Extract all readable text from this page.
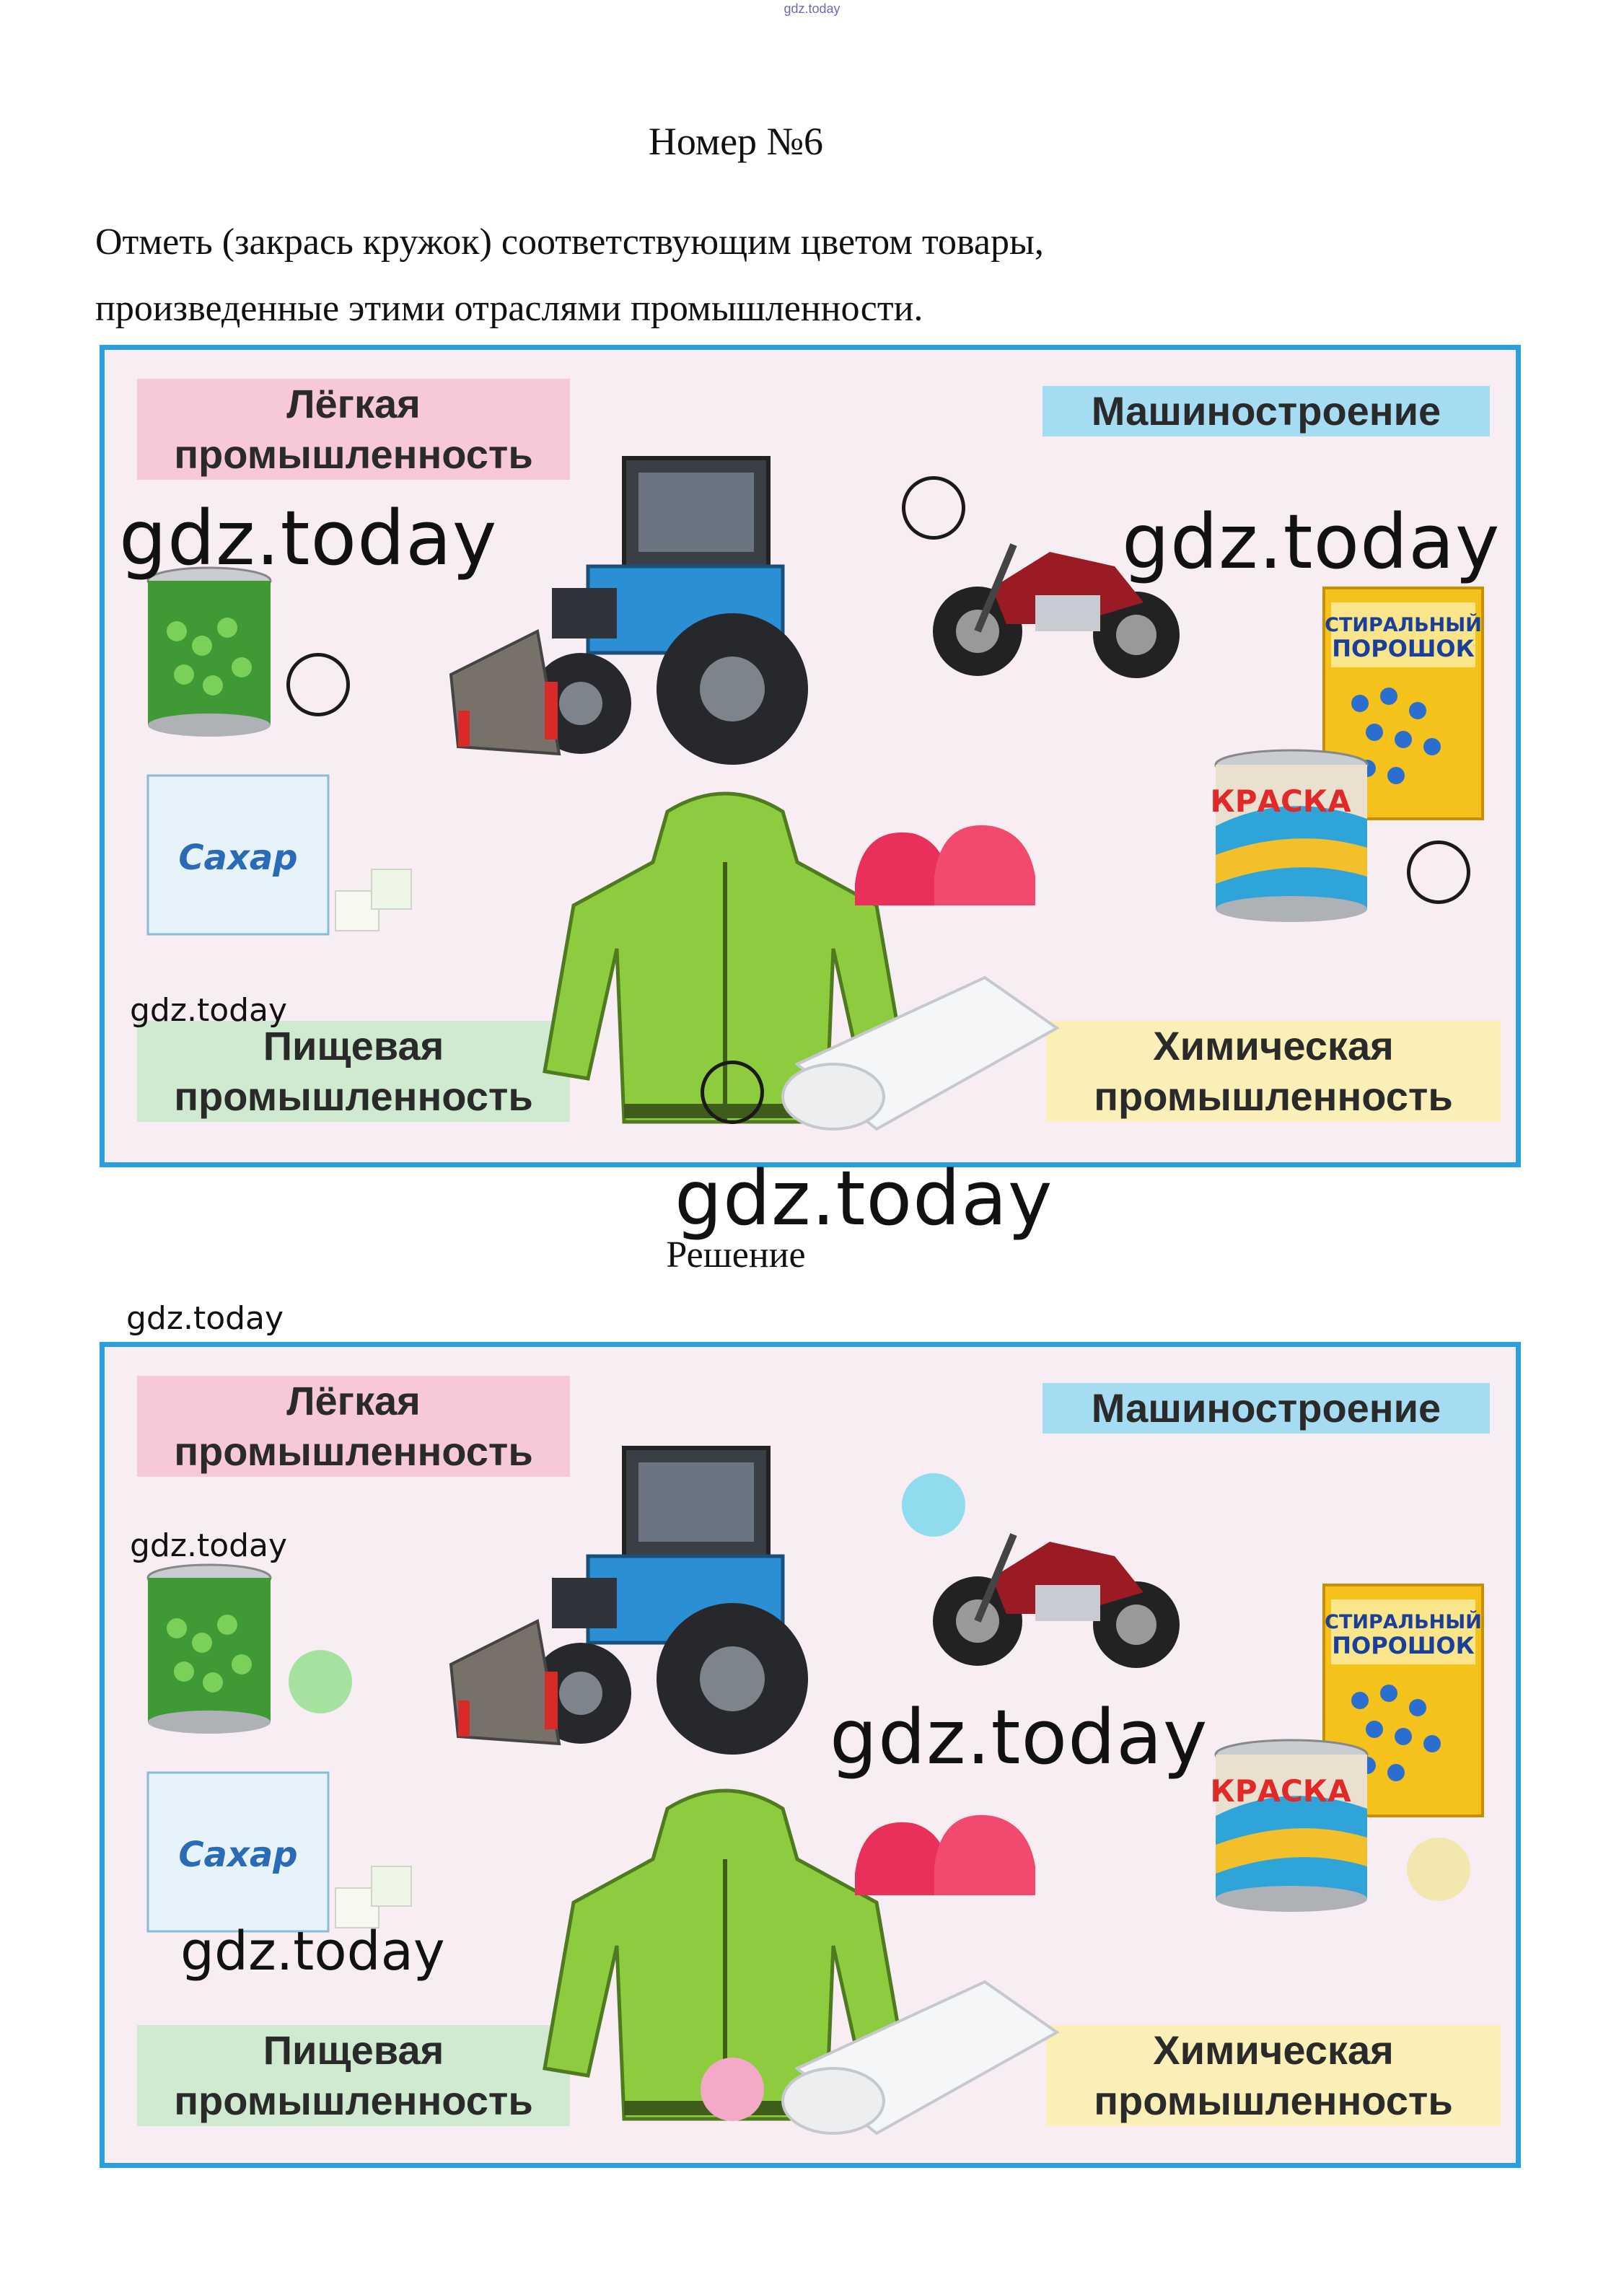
gdz.today
Номер №6
Отметь (закрась кружок) соответствующим цветом товары,
произведенные этими отраслями промышленности.
Лёгкая
промышленность
Машиностроение
Пищевая
промышленность
Химическая
промышленность
Сахар
СТИРАЛЬНЫЙ
ПОРОШОК
КРАСКА
gdz.today	gdz.today
gdz.today
gdz.today
Решение
gdz.today
Лёгкая
промышленность
Машиностроение
Пищевая
промышленность
Химическая
промышленность
Сахар
СТИРАЛЬНЫЙ
ПОРОШОК
КРАСКА
gdz.today
gdz.today
gdz.today
